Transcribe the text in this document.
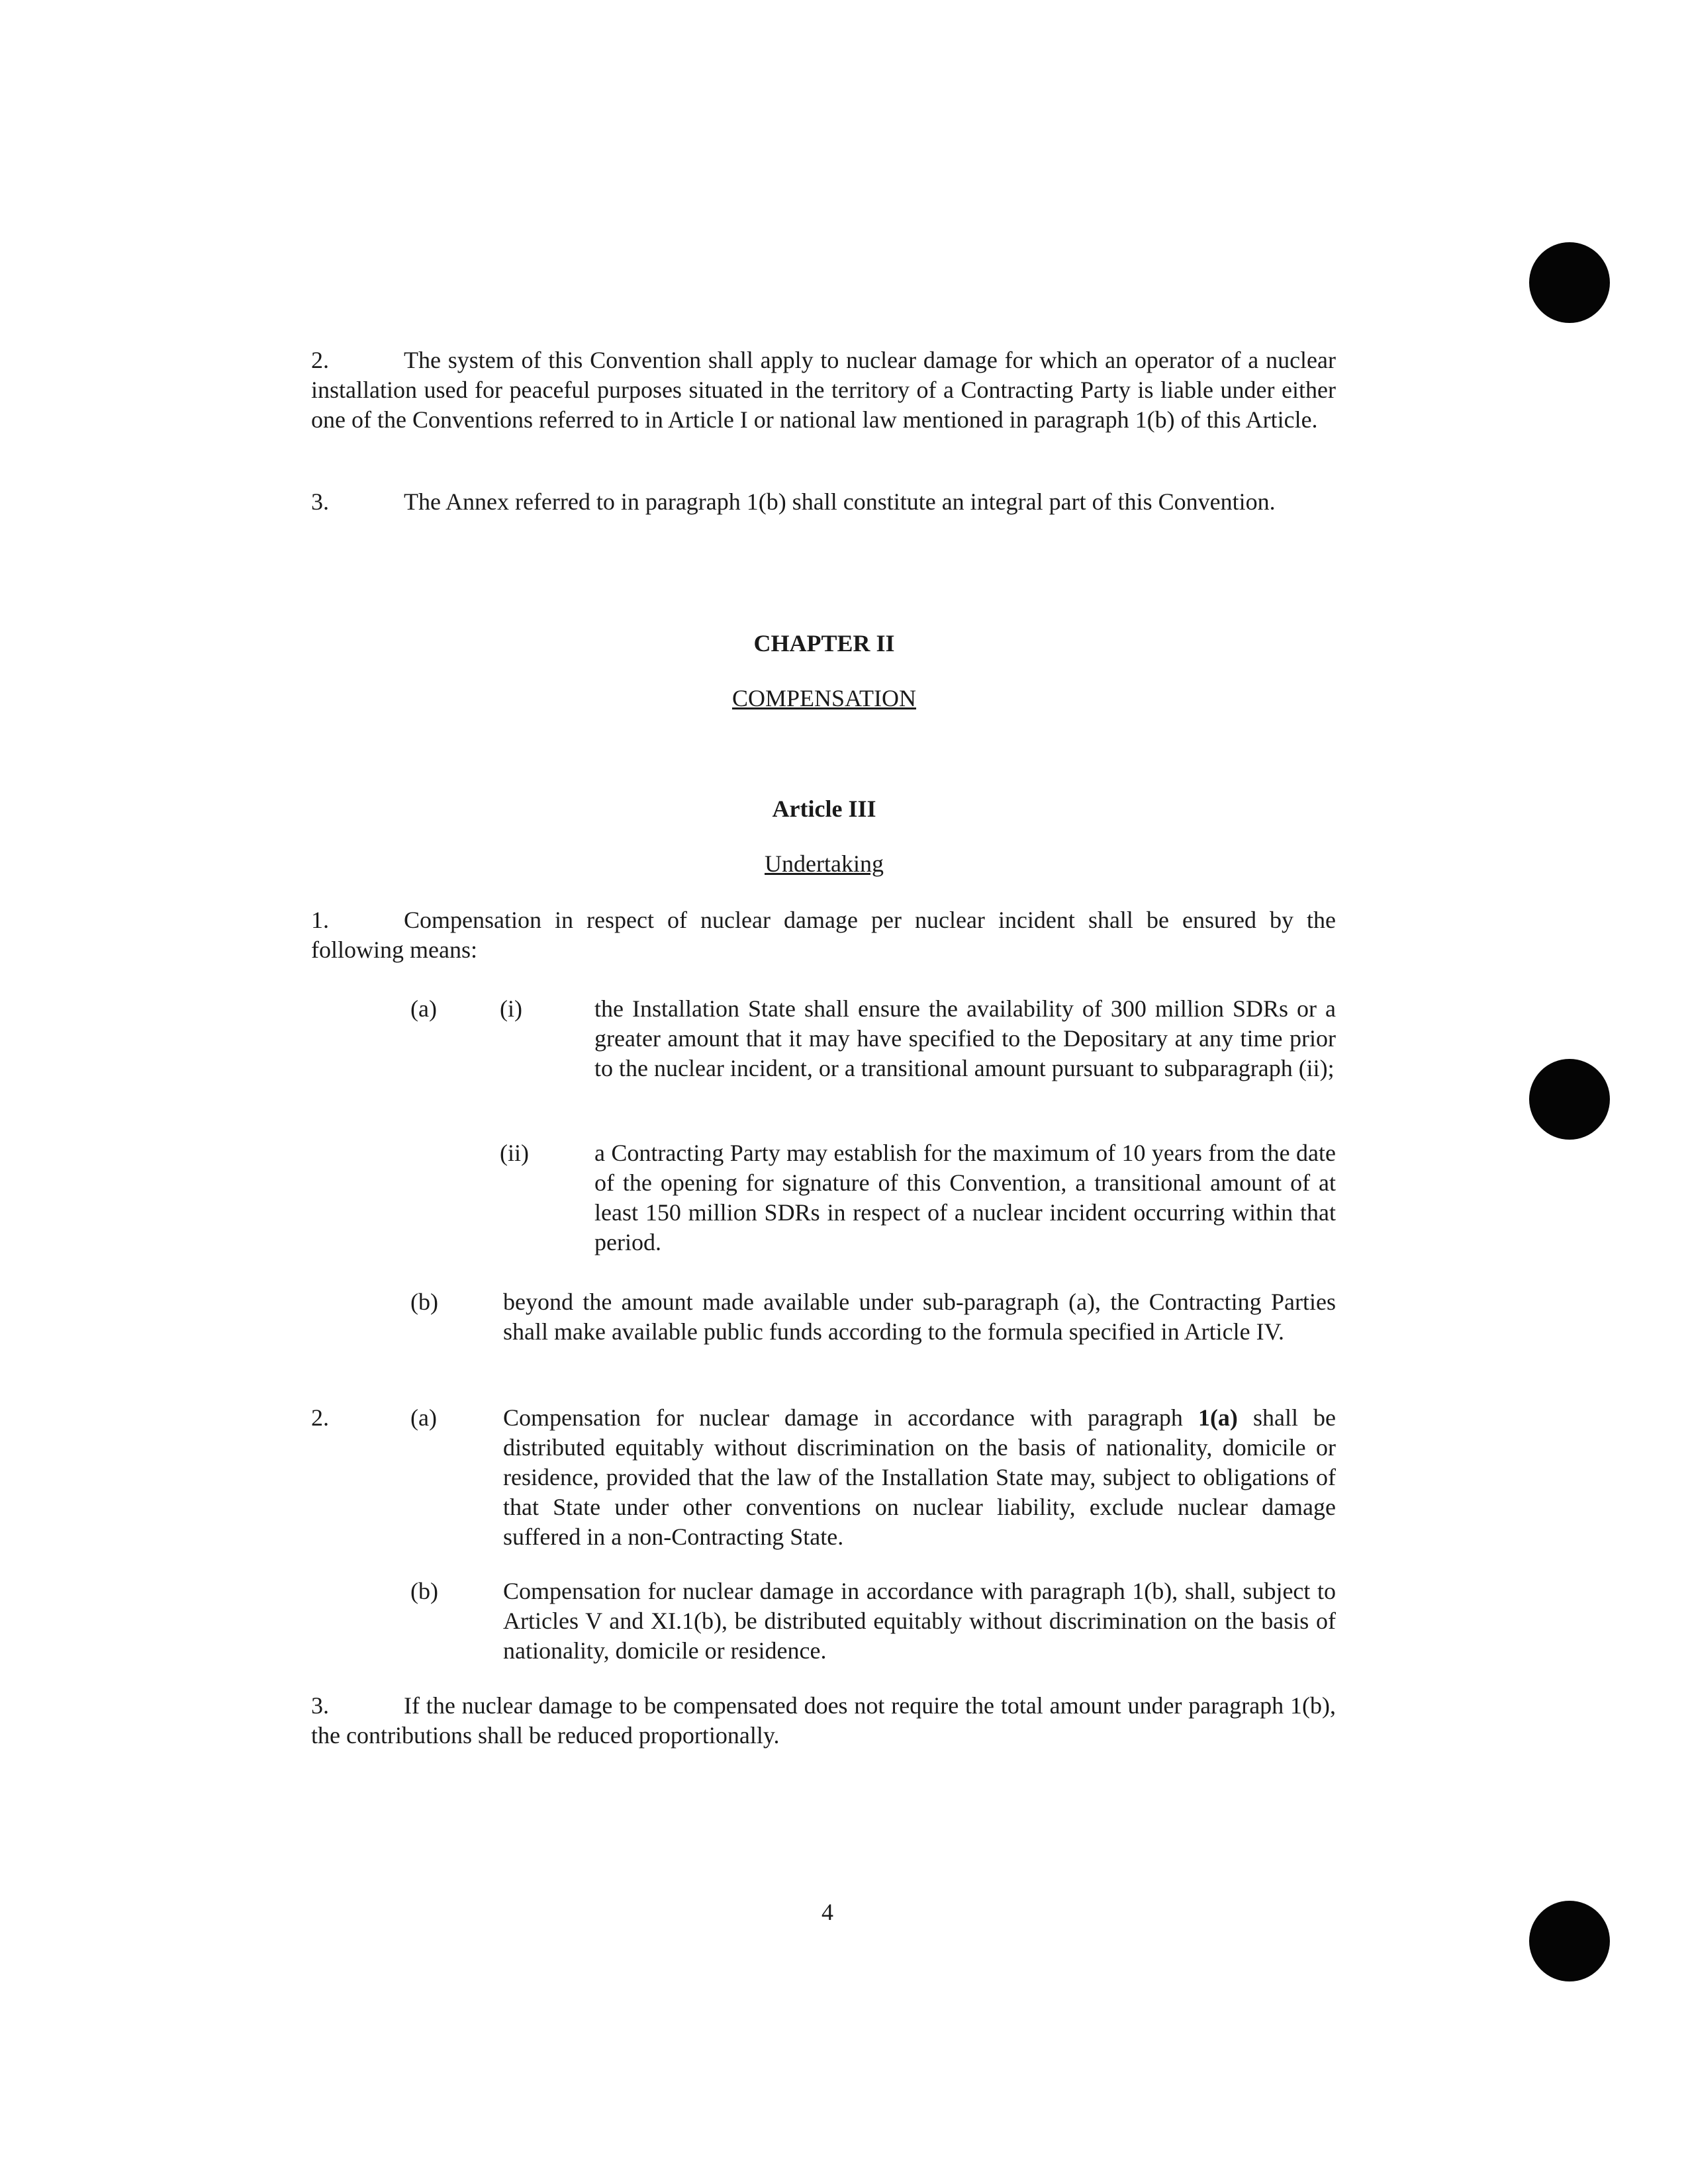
2.	The system of this Convention shall apply to nuclear damage for which an operator of a nuclear installation used for peaceful purposes situated in the territory of a Contracting Party is liable under either one of the Conventions referred to in Article I or national law mentioned in paragraph 1(b) of this Article.
3.	The Annex referred to in paragraph 1(b) shall constitute an integral part of this Convention.
CHAPTER II
COMPENSATION
Article III
Undertaking
1.	Compensation in respect of nuclear damage per nuclear incident shall be ensured by the following means:
(a)	(i)	the Installation State shall ensure the availability of 300 million SDRs or a greater amount that it may have specified to the Depositary at any time prior to the nuclear incident, or a transitional amount pursuant to subparagraph (ii);
(ii)	a Contracting Party may establish for the maximum of 10 years from the date of the opening for signature of this Convention, a transitional amount of at least 150 million SDRs in respect of a nuclear incident occurring within that period.
(b)	beyond the amount made available under sub-paragraph (a), the Contracting Parties shall make available public funds according to the formula specified in Article IV.
2.	(a)	Compensation for nuclear damage in accordance with paragraph 1(a) shall be distributed equitably without discrimination on the basis of nationality, domicile or residence, provided that the law of the Installation State may, subject to obligations of that State under other conventions on nuclear liability, exclude nuclear damage suffered in a non-Contracting State.
(b)	Compensation for nuclear damage in accordance with paragraph 1(b), shall, subject to Articles V and XI.1(b), be distributed equitably without discrimination on the basis of nationality, domicile or residence.
3.	If the nuclear damage to be compensated does not require the total amount under paragraph 1(b), the contributions shall be reduced proportionally.
4
